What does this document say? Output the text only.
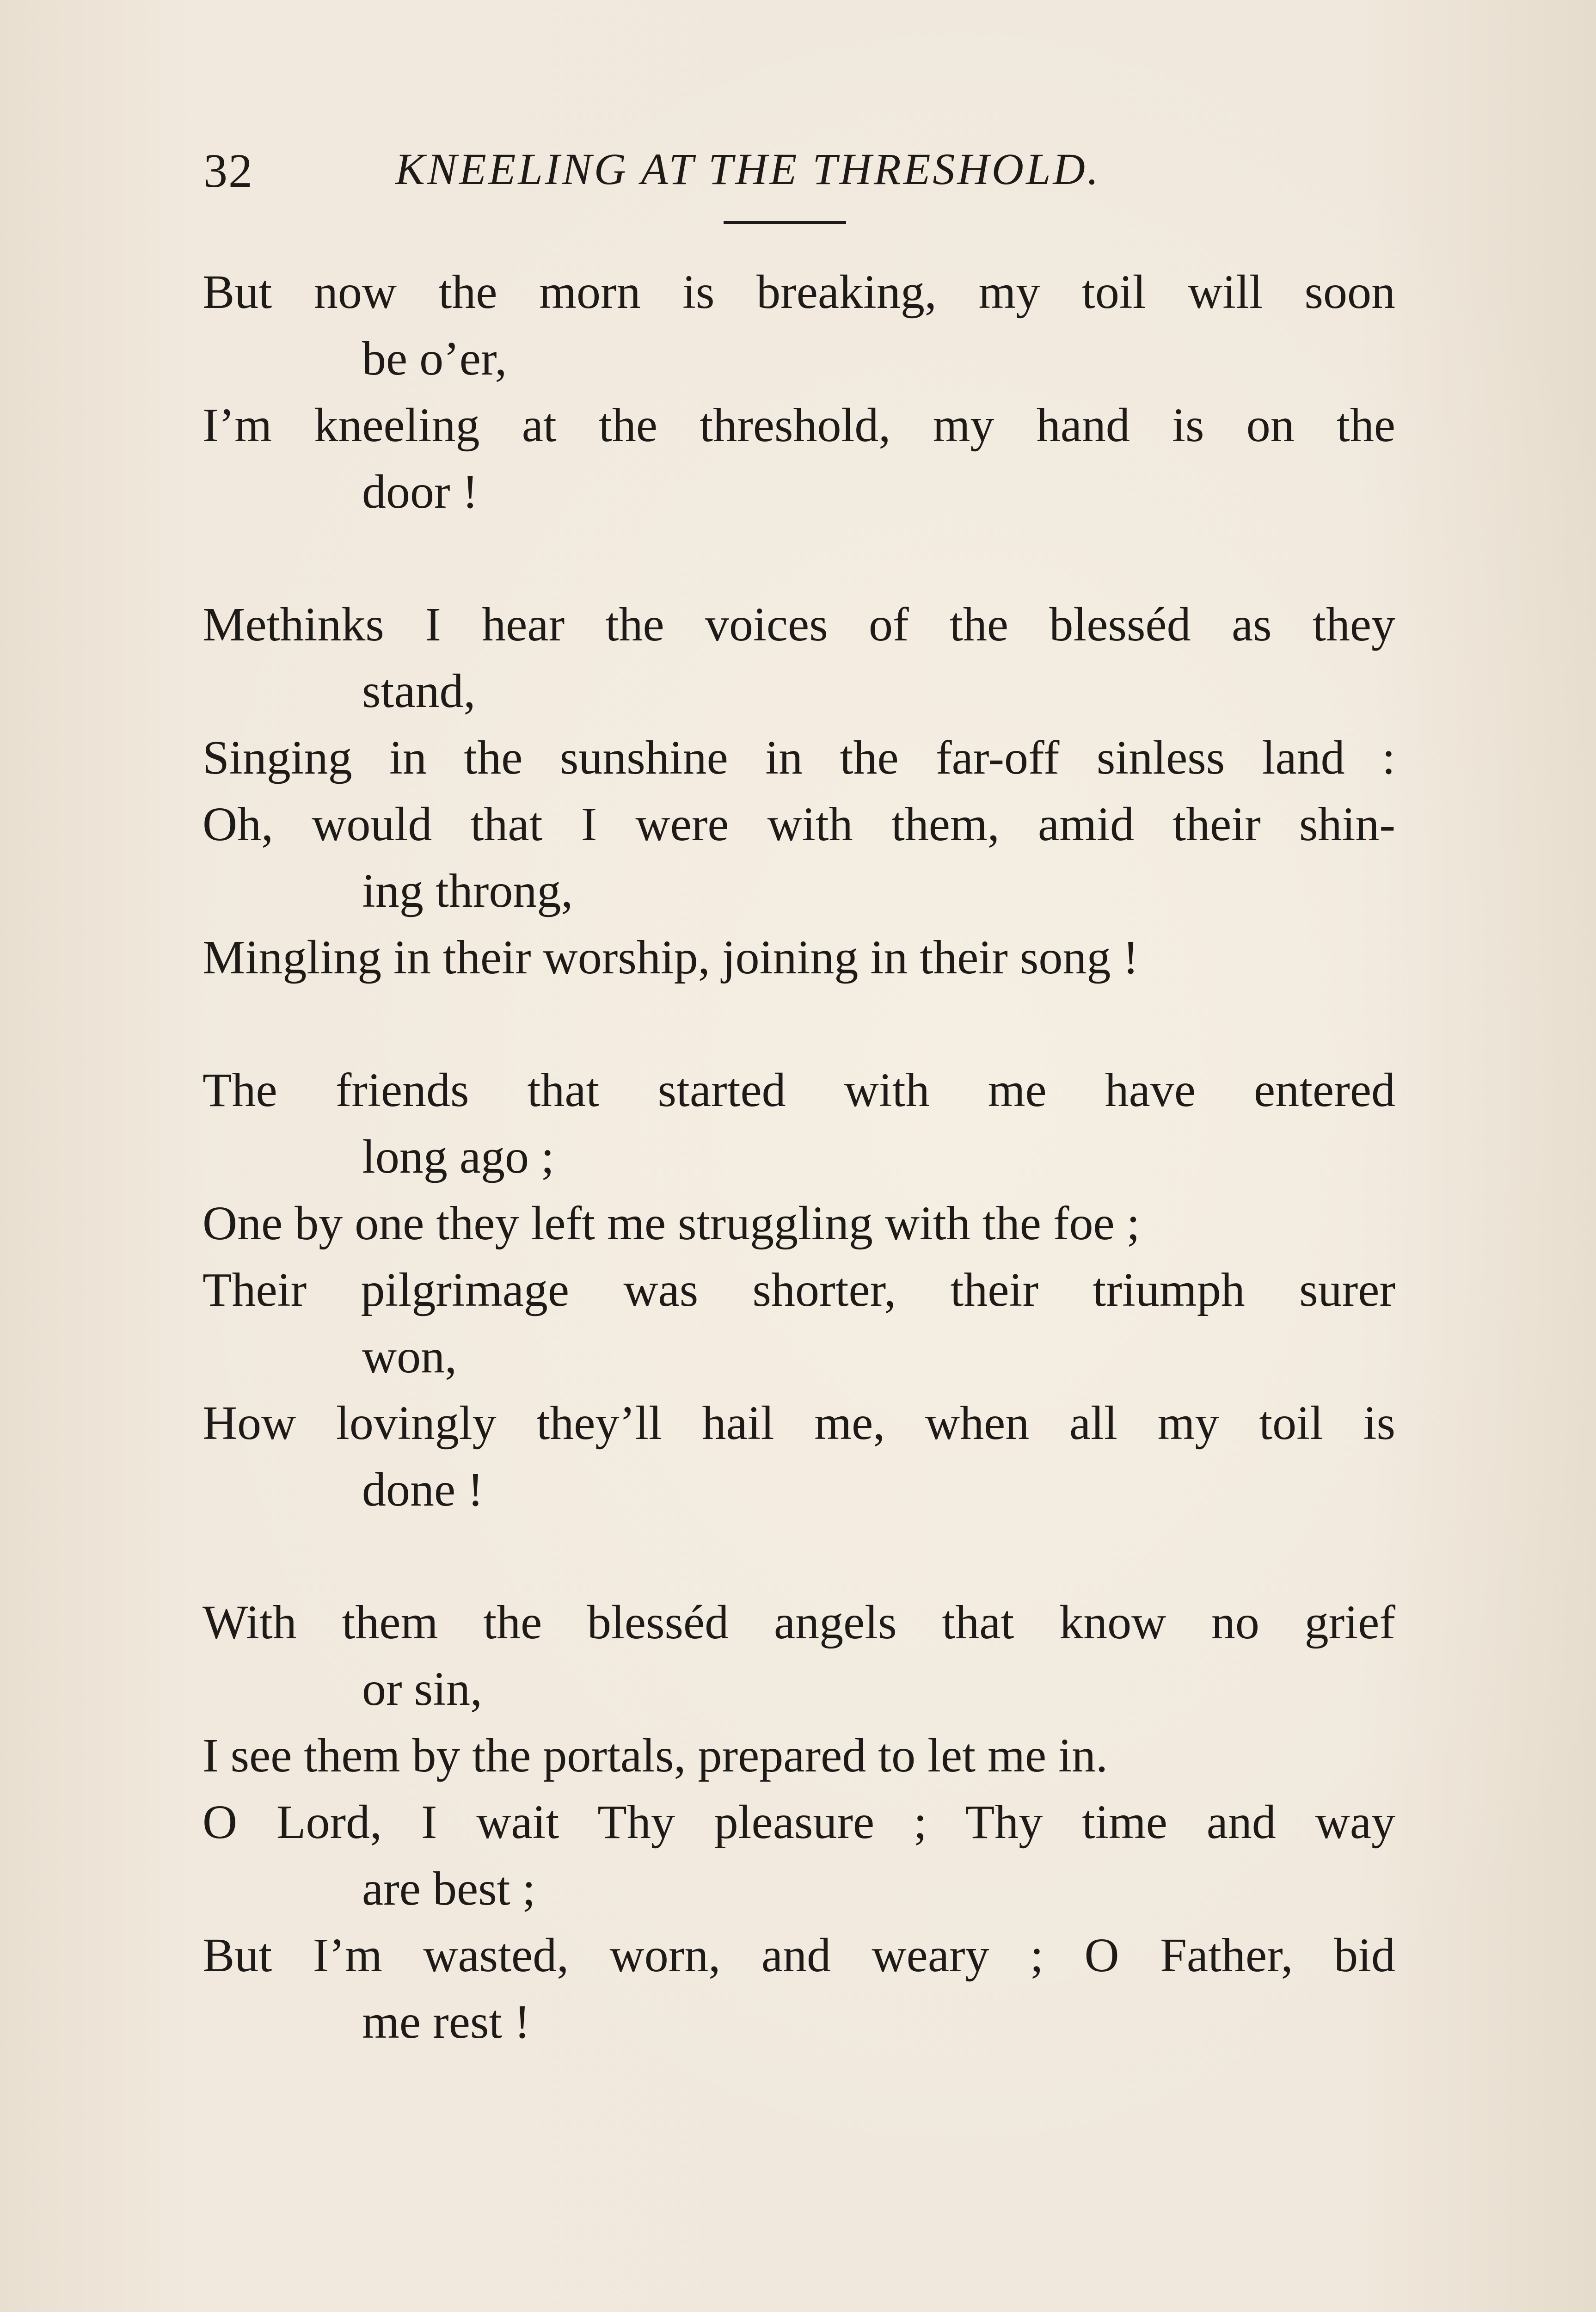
32	KNEELING AT THE THRESHOLD.
But now the morn is breaking, my toil will soon
be o’er,
I’m kneeling at the threshold, my hand is on the
door !
Methinks I hear the voices of the blesséd as they
stand,
Singing in the sunshine in the far-off sinless land :
Oh, would that I were with them, amid their shin-
ing throng,
Mingling in their worship, joining in their song !
The friends that started with me have entered
long ago ;
One by one they left me struggling with the foe ;
Their pilgrimage was shorter, their triumph surer
won,
How lovingly they’ll hail me, when all my toil is
done !
With them the blesséd angels that know no grief
or sin,
I see them by the portals, prepared to let me in.
O Lord, I wait Thy pleasure ; Thy time and way
are best ;
But I’m wasted, worn, and weary ; O Father, bid
me rest !
